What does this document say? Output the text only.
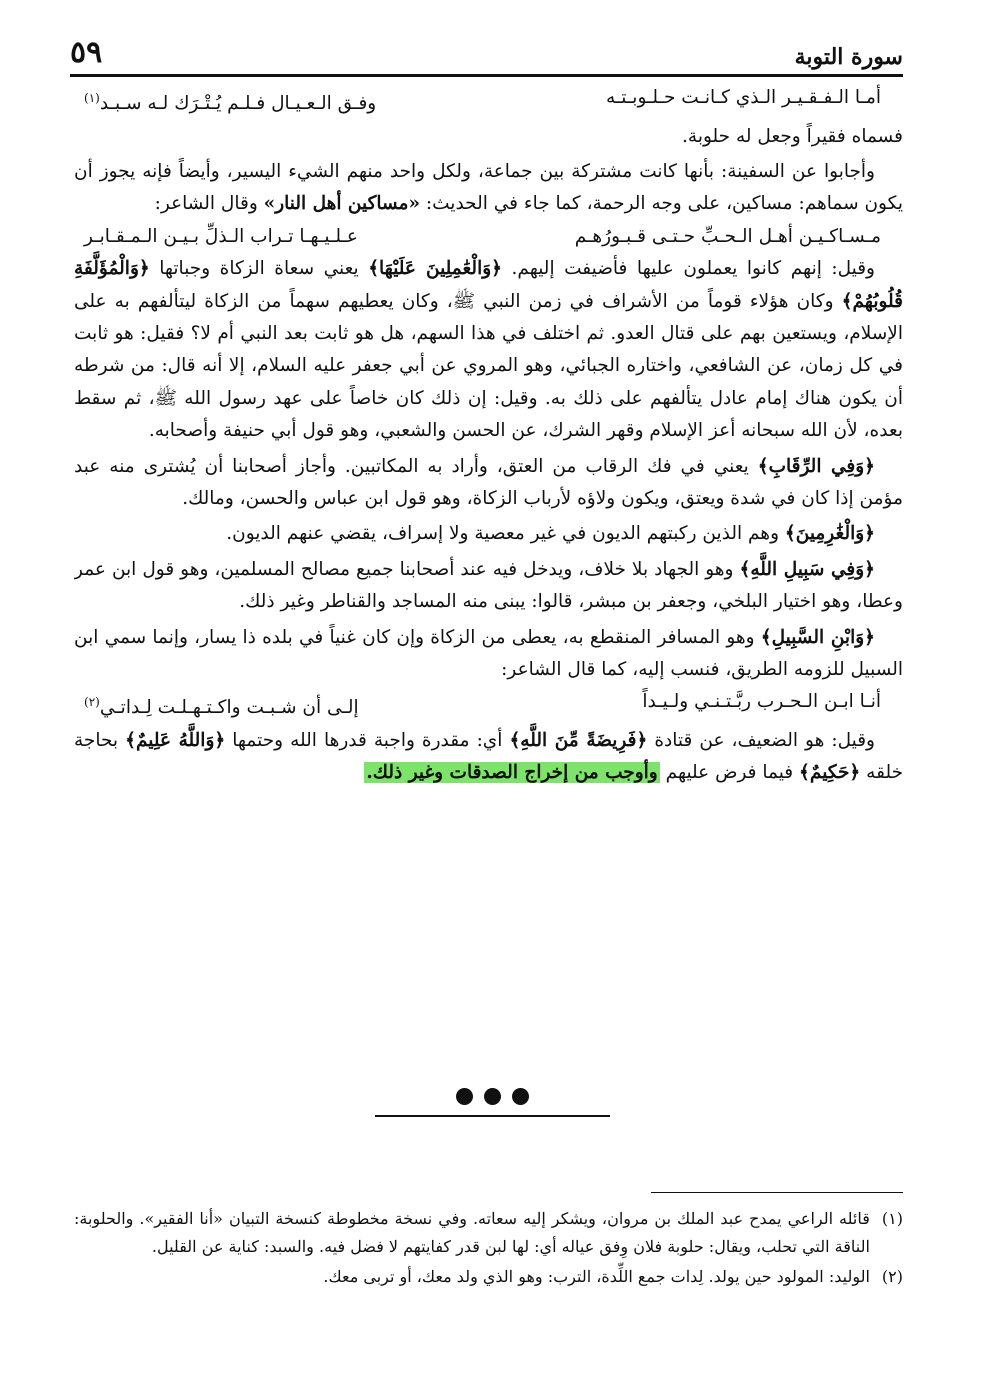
سورة التوبة
٥٩
أمـا الـفـقـيـر الـذي كـانـت حـلـوبـتـه
وفـق الـعـيـال فـلـم يُـتْـرَك لـه سـبـد$^{(١)}$

فسماه فقيراً وجعل له حلوبة.

وأجابوا عن السفينة: بأنها كانت مشتركة بين جماعة، ولكل واحد منهم الشيء اليسير، وأيضاً فإنه يجوز أن يكون سماهم: مساكين، على وجه الرحمة، كما جاء في الحديث: «مساكين أهل النار» وقال الشاعر:

مـسـاكـيـن أهـل الـحـبِّ حـتـى قـبـورُهـم
عـلـيـهـا تـراب الـذلِّ بـيـن الـمـقـابـر

وقيل: إنهم كانوا يعملون عليها فأضيفت إليهم. ﴿وَالْعَٰمِلِينَ عَلَيْهَا﴾ يعني سعاة الزكاة وجباتها ﴿وَالْمُؤَلَّفَةِ قُلُوبُهُمْ﴾ وكان هؤلاء قوماً من الأشراف في زمن النبي ﷺ، وكان يعطيهم سهماً من الزكاة ليتألفهم به على الإسلام، ويستعين بهم على قتال العدو. ثم اختلف في هذا السهم، هل هو ثابت بعد النبي أم لا؟ فقيل: هو ثابت في كل زمان، عن الشافعي، واختاره الجبائي، وهو المروي عن أبي جعفر عليه السلام، إلا أنه قال: من شرطه أن يكون هناك إمام عادل يتألفهم على ذلك به. وقيل: إن ذلك كان خاصاً على عهد رسول الله ﷺ، ثم سقط بعده، لأن الله سبحانه أعز الإسلام وقهر الشرك، عن الحسن والشعبي، وهو قول أبي حنيفة وأصحابه.

﴿وَفِي الرِّقَابِ﴾ يعني في فك الرقاب من العتق، وأراد به المكاتبين. وأجاز أصحابنا أن يُشترى منه عبد مؤمن إذا كان في شدة ويعتق، ويكون ولاؤه لأرباب الزكاة، وهو قول ابن عباس والحسن، ومالك.

﴿وَالْغَٰرِمِينَ﴾ وهم الذين ركبتهم الديون في غير معصية ولا إسراف، يقضي عنهم الديون.

﴿وَفِي سَبِيلِ اللَّهِ﴾ وهو الجهاد بلا خلاف، ويدخل فيه عند أصحابنا جميع مصالح المسلمين، وهو قول ابن عمر وعطا، وهو اختيار البلخي، وجعفر بن مبشر، قالوا: يبنى منه المساجد والقناطر وغير ذلك.

﴿وَابْنِ السَّبِيلِ﴾ وهو المسافر المنقطع به، يعطى من الزكاة وإن كان غنياً في بلده ذا يسار، وإنما سمي ابن السبيل للزومه الطريق، فنسب إليه، كما قال الشاعر:

أنـا ابـن الـحـرب ربَّـتـنـي ولـيـداً
إلـى أن شـبـت واكـتـهـلـت لِـداتـي$^{(٢)}$

وقيل: هو الضعيف، عن قتادة ﴿فَرِيضَةً مِّنَ اللَّهِ﴾ أي: مقدرة واجبة قدرها الله وحتمها ﴿وَاللَّهُ عَلِيمٌ﴾ بحاجة خلقه ﴿حَكِيمٌ﴾ فيما فرض عليهم وأوجب من إخراج الصدقات وغير ذلك.

(١)
قائله الراعي يمدح عبد الملك بن مروان، ويشكر إليه سعاته. وفي نسخة مخطوطة كنسخة التبيان «أنا الفقير». والحلوبة: الناقة التي تحلب، ويقال: حلوبة فلان وِفق عياله أي: لها لبن قدر كفايتهم لا فضل فيه. والسبد: كناية عن القليل.
(٢)
الوليد: المولود حين يولد. لِدات جمع اللِّدة، الترب: وهو الذي ولد معك، أو تربى معك.
